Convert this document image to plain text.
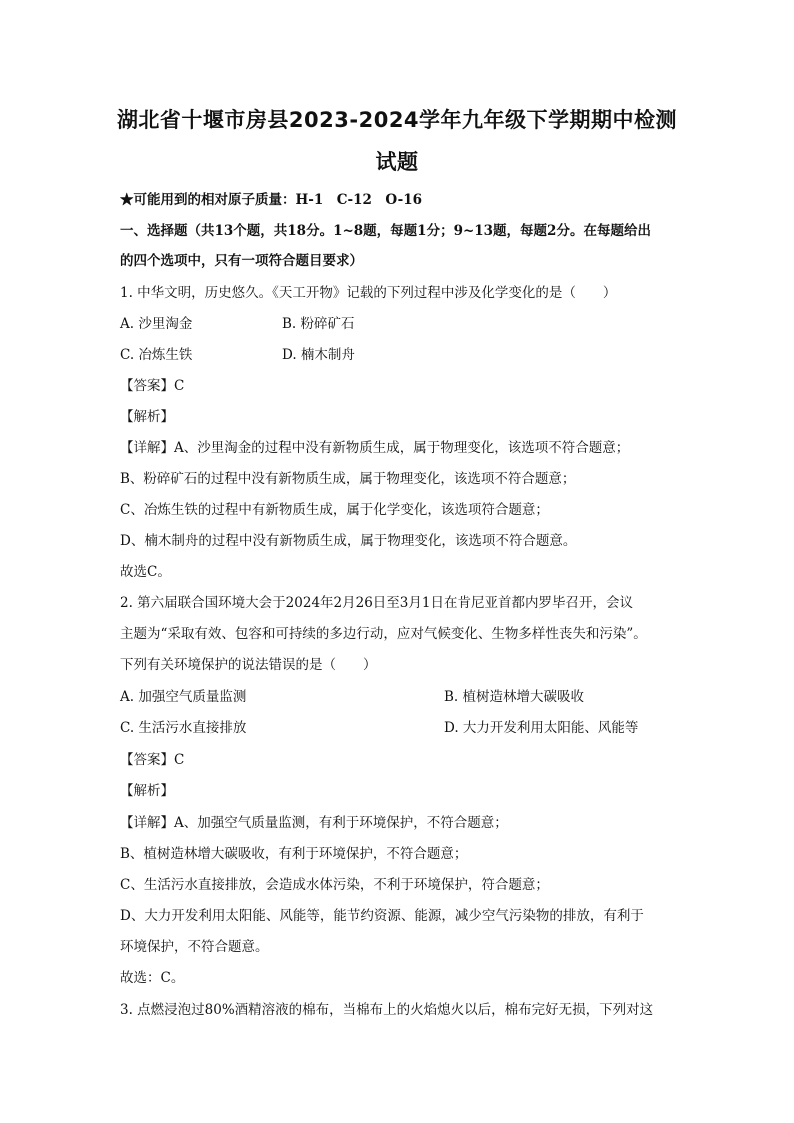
湖北省十堰市房县2023-2024学年九年级下学期期中检测
试题
★可能用到的相对原子质量：H-1　C-12　O-16
一、选择题（共13个题，共18分。1~8题，每题1分；9~13题，每题2分。在每题给出
的四个选项中，只有一项符合题目要求）
1. 中华文明，历史悠久。《天工开物》记载的下列过程中涉及化学变化的是（　　）
A. 沙里淘金	B. 粉碎矿石
C. 冶炼生铁	D. 楠木制舟
【答案】C
【解析】
【详解】A、沙里淘金的过程中没有新物质生成，属于物理变化，该选项不符合题意；
B、粉碎矿石的过程中没有新物质生成，属于物理变化，该选项不符合题意；
C、冶炼生铁的过程中有新物质生成，属于化学变化，该选项符合题意；
D、楠木制舟的过程中没有新物质生成，属于物理变化，该选项不符合题意。
故选C。
2. 第六届联合国环境大会于2024年2月26日至3月1日在肯尼亚首都内罗毕召开，会议
主题为“采取有效、包容和可持续的多边行动，应对气候变化、生物多样性丧失和污染”。
下列有关环境保护的说法错误的是（　　）
A. 加强空气质量监测	B. 植树造林增大碳吸收
C. 生活污水直接排放	D. 大力开发利用太阳能、风能等
【答案】C
【解析】
【详解】A、加强空气质量监测，有利于环境保护，不符合题意；
B、植树造林增大碳吸收，有利于环境保护，不符合题意；
C、生活污水直接排放，会造成水体污染，不利于环境保护，符合题意；
D、大力开发利用太阳能、风能等，能节约资源、能源，减少空气污染物的排放，有利于
环境保护，不符合题意。
故选：C。
3. 点燃浸泡过80%酒精溶液的棉布，当棉布上的火焰熄火以后，棉布完好无损，下列对这
